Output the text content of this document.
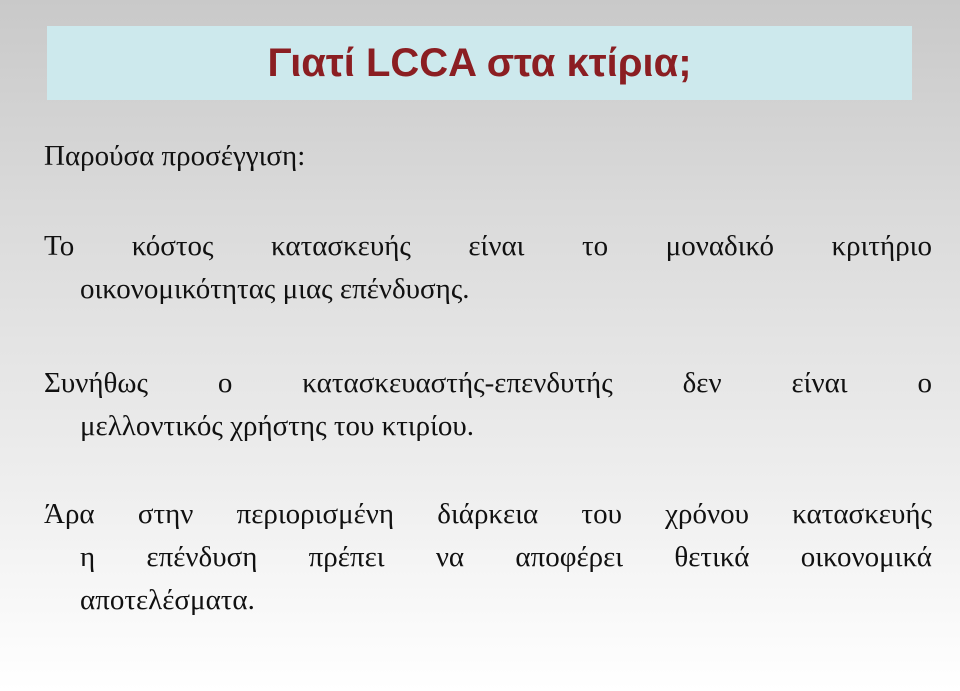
Γιατί LCCA στα κτίρια;

Παρούσα προσέγγιση:

Το κόστος κατασκευής είναι το μοναδικό κριτήριο
οικονομικότητας μιας επένδυσης.
Συνήθως ο κατασκευαστής-επενδυτής δεν είναι ο
μελλοντικός χρήστης του κτιρίου.
Άρα στην περιορισμένη διάρκεια του χρόνου κατασκευής
η επένδυση πρέπει να αποφέρει θετικά οικονομικά
αποτελέσματα.
